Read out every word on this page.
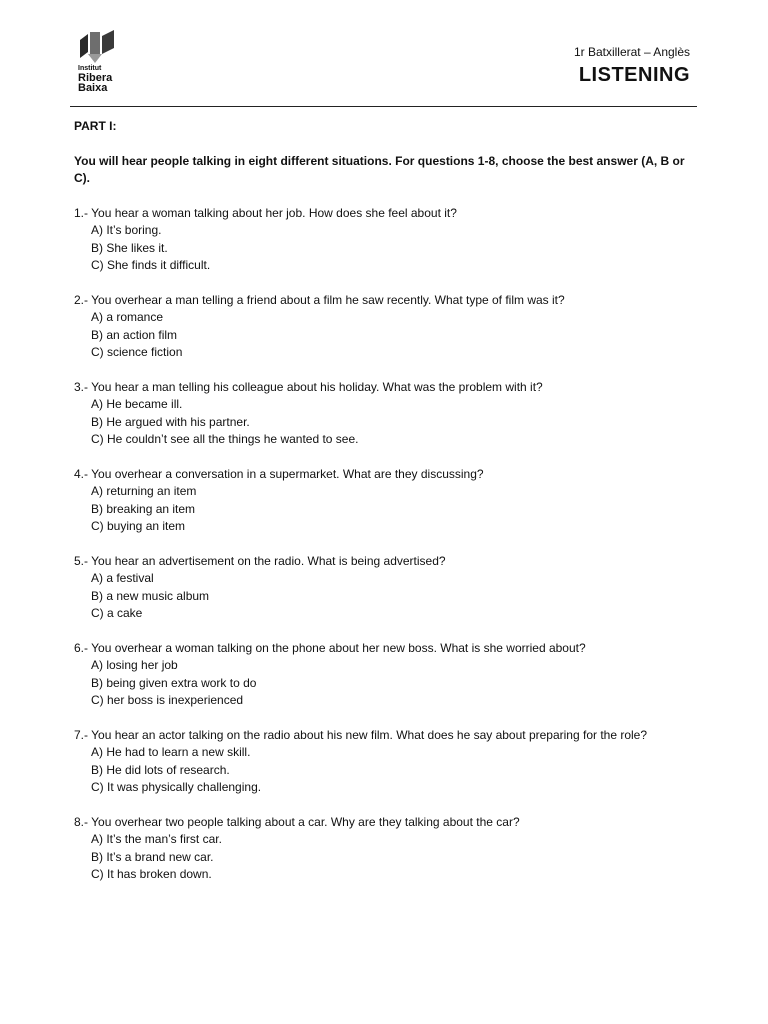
Institut
Ribera
Baixa
1r Batxillerat – Anglès
LISTENING

PART I:

You will hear people talking in eight different situations. For questions 1-8, choose the best answer (A, B or C).

1.- You hear a woman talking about her job. How does she feel about it?
A) It’s boring.
B) She likes it.
C) She finds it difficult.
2.- You overhear a man telling a friend about a film he saw recently. What type of film was it?
A) a romance
B) an action film
C) science fiction
3.- You hear a man telling his colleague about his holiday. What was the problem with it?
A) He became ill.
B) He argued with his partner.
C) He couldn’t see all the things he wanted to see.
4.- You overhear a conversation in a supermarket. What are they discussing?
A) returning an item
B) breaking an item
C) buying an item
5.- You hear an advertisement on the radio. What is being advertised?
A) a festival
B) a new music album
C) a cake
6.- You overhear a woman talking on the phone about her new boss. What is she worried about?
A) losing her job
B) being given extra work to do
C) her boss is inexperienced
7.- You hear an actor talking on the radio about his new film. What does he say about preparing for the role?
A) He had to learn a new skill.
B) He did lots of research.
C) It was physically challenging.
8.- You overhear two people talking about a car. Why are they talking about the car?
A) It’s the man’s first car.
B) It’s a brand new car.
C) It has broken down.
